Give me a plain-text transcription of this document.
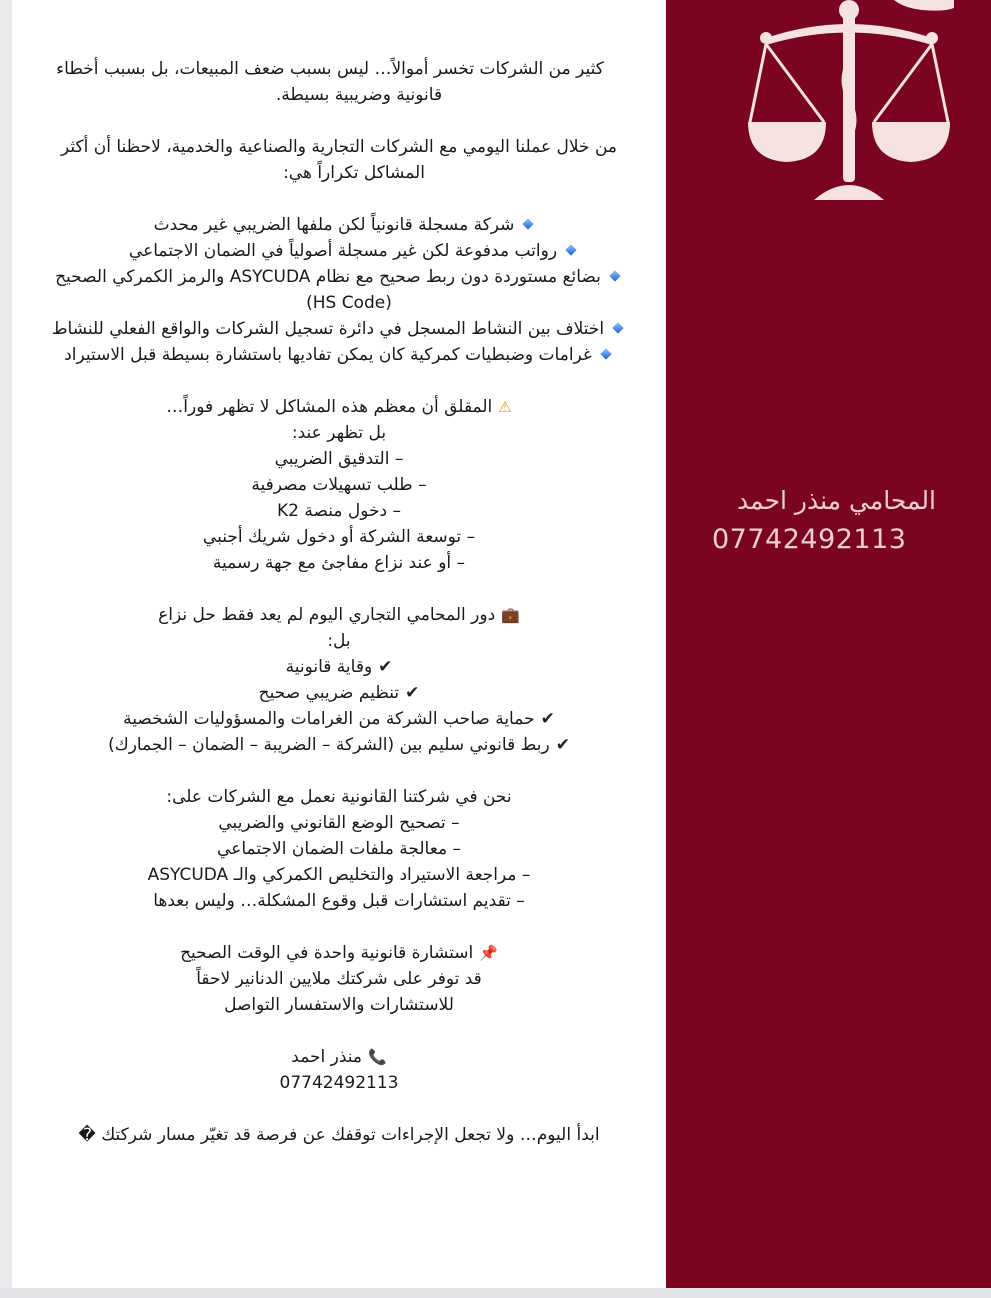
كثير من الشركات تخسر أموالاً… ليس بسبب ضعف المبيعات، بل بسبب أخطاء
قانونية وضريبية بسيطة.
من خلال عملنا اليومي مع الشركات التجارية والصناعية والخدمية، لاحظنا أن أكثر
المشاكل تكراراً هي:
شركة مسجلة قانونياً لكن ملفها الضريبي غير محدث
رواتب مدفوعة لكن غير مسجلة أصولياً في الضمان الاجتماعي
بضائع مستوردة دون ربط صحيح مع نظام ASYCUDA والرمز الكمركي الصحيح
(HS Code)
اختلاف بين النشاط المسجل في دائرة تسجيل الشركات والواقع الفعلي للنشاط
غرامات وضبطيات كمركية كان يمكن تفاديها باستشارة بسيطة قبل الاستيراد
⚠المقلق أن معظم هذه المشاكل لا تظهر فوراً…
بل تظهر عند:
– التدقيق الضريبي
– طلب تسهيلات مصرفية
– دخول منصة K2
– توسعة الشركة أو دخول شريك أجنبي
– أو عند نزاع مفاجئ مع جهة رسمية
💼دور المحامي التجاري اليوم لم يعد فقط حل نزاع
بل:
✔وقاية قانونية
✔تنظيم ضريبي صحيح
✔حماية صاحب الشركة من الغرامات والمسؤوليات الشخصية
✔ربط قانوني سليم بين (الشركة – الضريبة – الضمان – الجمارك)
نحن في شركتنا القانونية نعمل مع الشركات على:
– تصحيح الوضع القانوني والضريبي
– معالجة ملفات الضمان الاجتماعي
– مراجعة الاستيراد والتخليص الكمركي والـ ASYCUDA
– تقديم استشارات قبل وقوع المشكلة… وليس بعدها
📌استشارة قانونية واحدة في الوقت الصحيح
قد توفر على شركتك ملايين الدنانير لاحقاً
للاستشارات والاستفسار التواصل
📞منذر احمد
07742492113
ابدأ اليوم… ولا تجعل الإجراءات توقفك عن فرصة قد تغيّر مسار شركتك �
المحامي منذر احمد
07742492113
